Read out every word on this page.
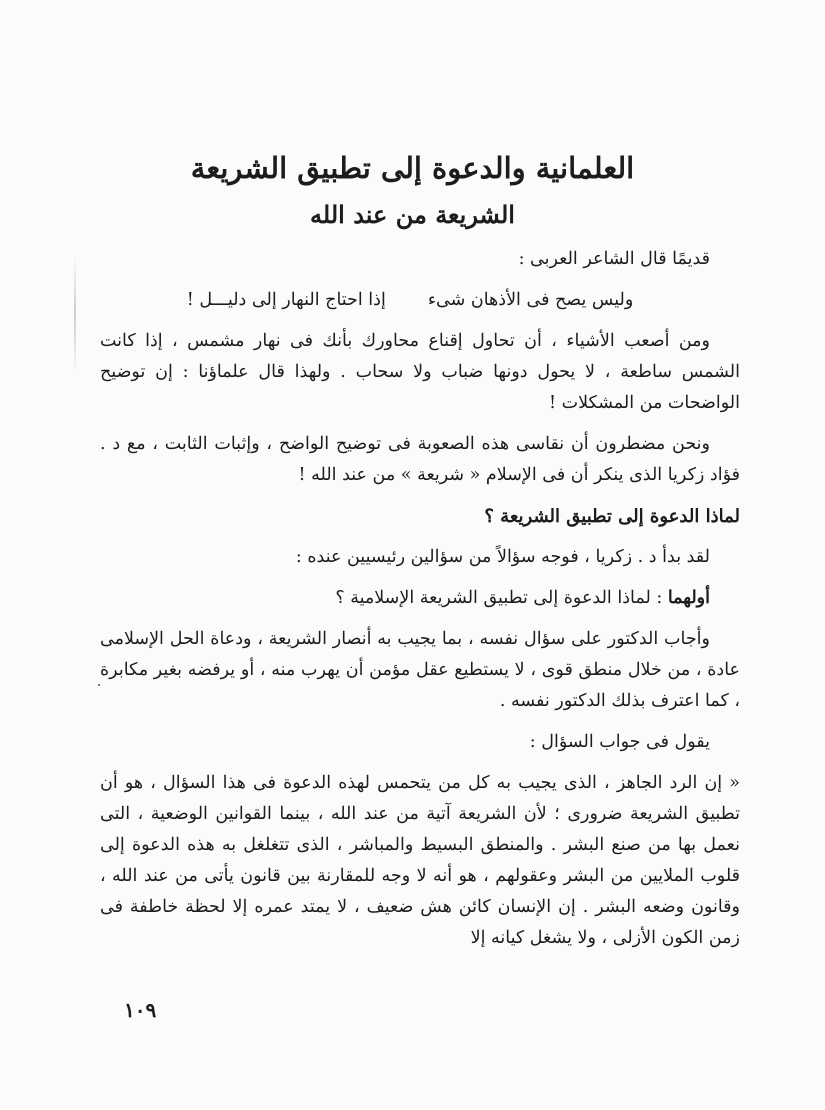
العلمانية والدعوة إلى تطبيق الشريعة
الشريعة من عند الله

قديمًا قال الشاعر العربى :

وليس يصح فى الأذهان شىء
إذا احتاج النهار إلى دليـــل !

ومن أصعب الأشياء ، أن تحاول إقناع محاورك بأنك فى نهار مشمس ، إذا كانت الشمس ساطعة ، لا يحول دونها ضباب ولا سحاب . ولهذا قال علماؤنا : إن توضيح الواضحات من المشكلات !

ونحن مضطرون أن نقاسى هذه الصعوبة فى توضيح الواضح ، وإثبات الثابت ، مع د . فؤاد زكريا الذى ينكر أن فى الإسلام « شريعة » من عند الله !

لماذا الدعوة إلى تطبيق الشريعة ؟

لقد بدأ د . زكريا ، فوجه سؤالاً من سؤالين رئيسيين عنده :

أولهما : لماذا الدعوة إلى تطبيق الشريعة الإسلامية ؟

وأجاب الدكتور على سؤال نفسه ، بما يجيب به أنصار الشريعة ، ودعاة الحل الإسلامى عادة ، من خلال منطق قوى ، لا يستطيع عقل مؤمن أن يهرب منه ، أو يرفضه بغير مكابرة ، كما اعترف بذلك الدكتور نفسه .

يقول فى جواب السؤال :

« إن الرد الجاهز ، الذى يجيب به كل من يتحمس لهذه الدعوة فى هذا السؤال ، هو أن تطبيق الشريعة ضرورى ؛ لأن الشريعة آتية من عند الله ، بينما القوانين الوضعية ، التى نعمل بها من صنع البشر . والمنطق البسيط والمباشر ، الذى تتغلغل به هذه الدعوة إلى قلوب الملايين من البشر وعقولهم ، هو أنه لا وجه للمقارنة بين قانون يأتى من عند الله ، وقانون وضعه البشر . إن الإنسان كائن هش ضعيف ، لا يمتد عمره إلا لحظة خاطفة فى زمن الكون الأزلى ، ولا يشغل كيانه إلا

١٠٩
